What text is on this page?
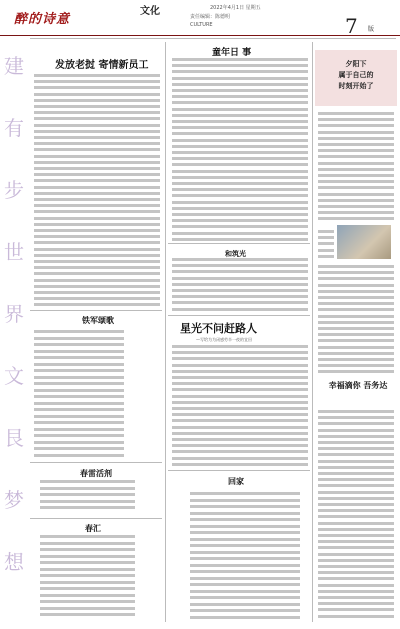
醉的诗意
文化	2022年4月1日 星期五
责任编辑：陈德明
CULTURE	7 版
建
有
步
世
界
文
艮
梦
想
夕阳下
属于自己的
时刻开始了
发放老挝 寄情新员工
童年日 事
和筑光
星光不问赶路人
—写给为为闭感劳辛一夜的宜田
回家
铁军颂歌
春雷活剂
春汇
幸福滴你 吾务达
